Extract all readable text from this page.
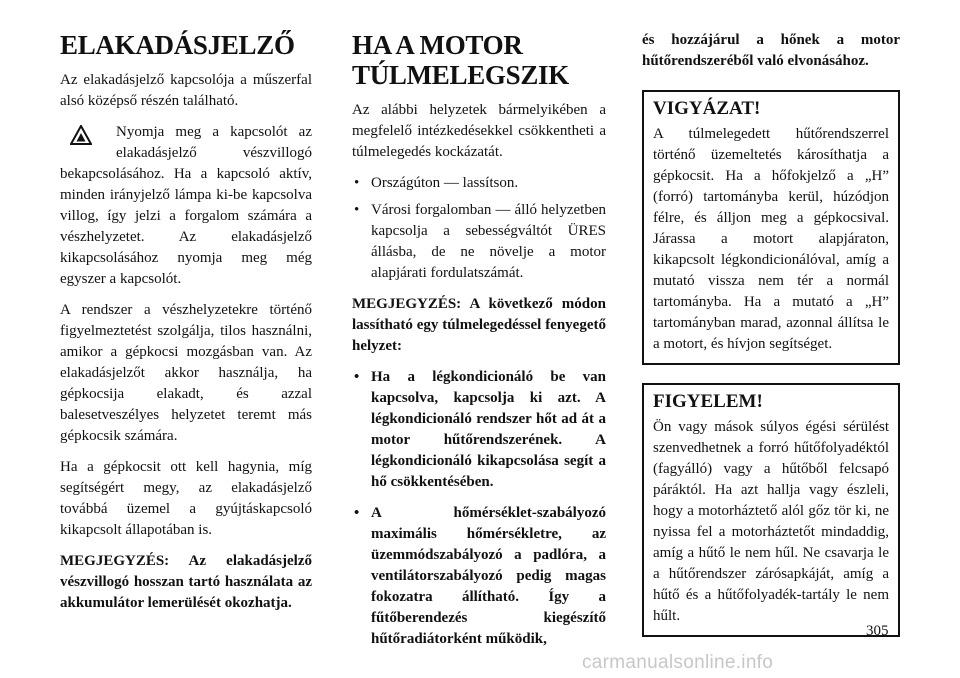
ELAKADÁSJELZŐ

Az elakadásjelző kapcsolója a műszerfal alsó középső részén található.

Nyomja meg a kapcsolót az elakadásjelző vészvillogó bekapcsolásához. Ha a kapcsoló aktív, minden irányjelző lámpa ki-be kapcsolva villog, így jelzi a forgalom számára a vészhelyzetet. Az elakadásjelző kikapcsolásához nyomja meg még egyszer a kapcsolót.

A rendszer a vészhelyzetekre történő figyelmeztetést szolgálja, tilos használni, amikor a gépkocsi mozgásban van. Az elakadásjelzőt akkor használja, ha gépkocsija elakadt, és azzal balesetveszélyes helyzetet teremt más gépkocsik számára.

Ha a gépkocsit ott kell hagynia, míg segítségért megy, az elakadásjelző továbbá üzemel a gyújtáskapcsoló kikapcsolt állapotában is.

MEGJEGYZÉS: Az elakadásjelző vészvillogó hosszan tartó használata az akkumulátor lemerülését okozhatja.

HA A MOTOR TÚLMELEGSZIK

Az alábbi helyzetek bármelyikében a megfelelő intézkedésekkel csökkentheti a túlmelegedés kockázatát.

• Országúton — lassítson.
• Városi forgalomban — álló helyzetben kapcsolja a sebességváltót ÜRES állásba, de ne növelje a motor alapjárati fordulatszámát.

MEGJEGYZÉS: A következő módon lassítható egy túlmelegedéssel fenyegető helyzet:

• Ha a légkondicionáló be van kapcsolva, kapcsolja ki azt. A légkondicionáló rendszer hőt ad át a motor hűtőrendszerének. A légkondicionáló kikapcsolása segít a hő csökkentésében.
• A hőmérséklet-szabályozó maximális hőmérsékletre, az üzemmódszabályozó a padlóra, a ventilátorszabályozó pedig magas fokozatra állítható. Így a fűtőberendezés kiegészítő hűtőradiátorként működik,

és hozzájárul a hőnek a motor hűtőrendszeréből való elvonásához.

VIGYÁZAT!

A túlmelegedett hűtőrendszerrel történő üzemeltetés károsíthatja a gépkocsit. Ha a hőfokjelző a „H” (forró) tartományba kerül, húzódjon félre, és álljon meg a gépkocsival. Járassa a motort alapjáraton, kikapcsolt légkondicionálóval, amíg a mutató vissza nem tér a normál tartományba. Ha a mutató a „H” tartományban marad, azonnal állítsa le a motort, és hívjon segítséget.

FIGYELEM!

Ön vagy mások súlyos égési sérülést szenvedhetnek a forró hűtőfolyadéktól (fagyálló) vagy a hűtőből felcsapó páráktól. Ha azt hallja vagy észleli, hogy a motorháztető alól gőz tör ki, ne nyissa fel a motorháztetőt mindaddig, amíg a hűtő le nem hűl. Ne csavarja le a hűtőrendszer zárósapkáját, amíg a hűtő és a hűtőfolyadék-tartály le nem hűlt.

305
carmanualsonline.info
